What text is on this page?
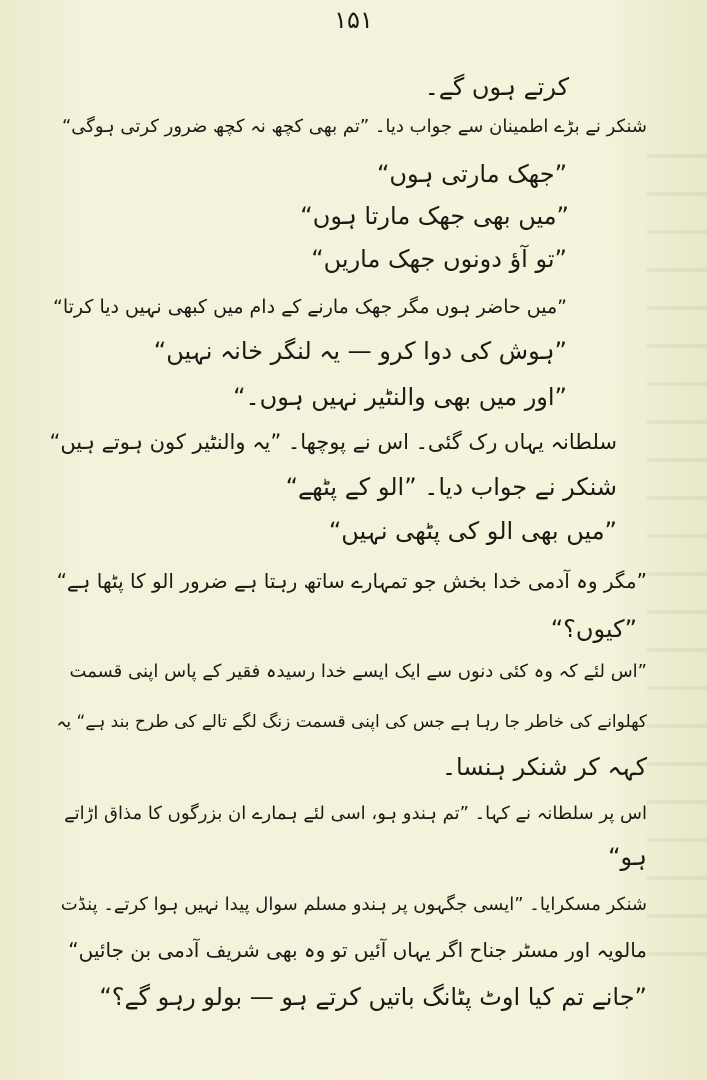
۱۵۱
کرتے ہوں گے۔
شنکر نے بڑے اطمینان سے جواب دیا۔ ”تم بھی کچھ نہ کچھ ضرور کرتی ہوگی“
”جھک مارتی ہوں“
”میں بھی جھک مارتا ہوں“
”تو آؤ دونوں جھک ماریں“
”میں حاضر ہوں مگر جھک مارنے کے دام میں کبھی نہیں دیا کرتا“
”ہوش کی دوا کرو — یہ لنگر خانہ نہیں“
”اور میں بھی والنٹیر نہیں ہوں۔“
سلطانہ یہاں رک گئی۔ اس نے پوچھا۔ ”یہ والنٹیر کون ہوتے ہیں“
شنکر نے جواب دیا۔ ”الو کے پٹھے“
”میں بھی الو کی پٹھی نہیں“
”مگر وہ آدمی خدا بخش جو تمہارے ساتھ رہتا ہے ضرور الو کا پٹھا ہے“
”کیوں؟“
”اس لئے کہ وہ کئی دنوں سے ایک ایسے خدا رسیدہ فقیر کے پاس اپنی قسمت
کھلوانے کی خاطر جا رہا ہے جس کی اپنی قسمت زنگ لگے تالے کی طرح بند ہے“ یہ
کہہ کر شنکر ہنسا۔
اس پر سلطانہ نے کہا۔ ”تم ہندو ہو، اسی لئے ہمارے ان بزرگوں کا مذاق اڑاتے
ہو“
شنکر مسکرایا۔ ”ایسی جگہوں پر ہندو مسلم سوال پیدا نہیں ہوا کرتے۔ پنڈت
مالویہ اور مسٹر جناح اگر یہاں آئیں تو وہ بھی شریف آدمی بن جائیں“
”جانے تم کیا اوٹ پٹانگ باتیں کرتے ہو — بولو رہو گے؟“
